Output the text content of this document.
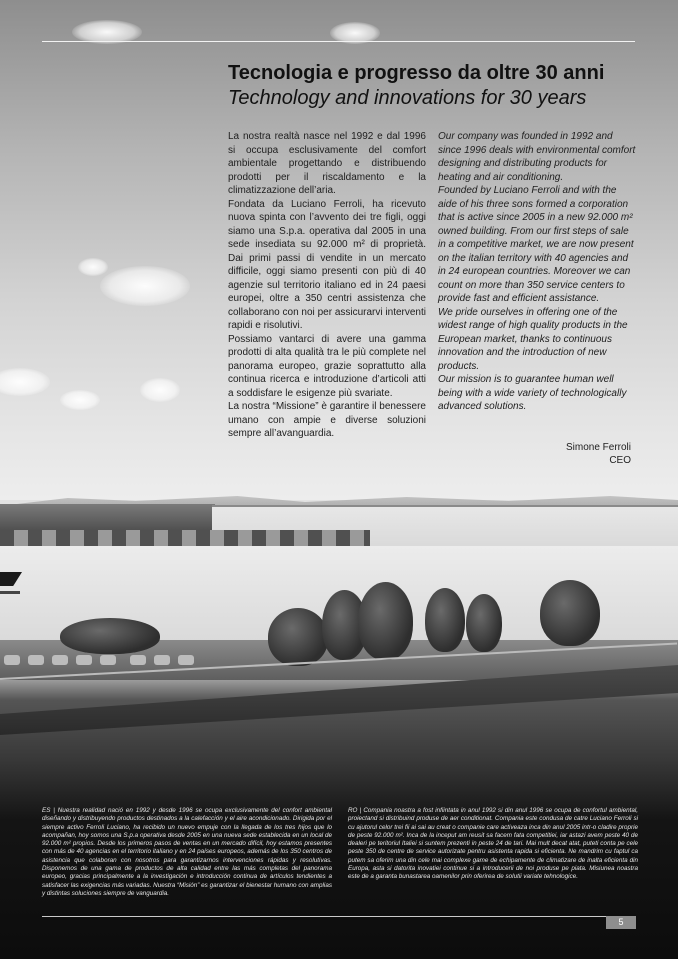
Tecnologia e progresso da oltre 30 anni
Technology and innovations for 30 years

La nostra realtà nasce nel 1992 e dal 1996 si occupa esclusivamente del comfort ambientale progettando e distribuendo prodotti per il riscaldamento e la climatizzazione dell’aria.

Fondata da Luciano Ferroli, ha ricevuto nuova spinta con l’avvento dei tre figli, oggi siamo una S.p.a. operativa dal 2005 in una sede insediata su 92.000 m² di proprietà. Dai primi passi di vendite in un mercato difficile, oggi siamo presenti con più di 40 agenzie sul territorio italiano ed in 24 paesi europei, oltre a 350 centri assistenza che collaborano con noi per assicurarvi interventi rapidi e risolutivi.

Possiamo vantarci di avere una gamma prodotti di alta qualità tra le più complete nel panorama europeo, grazie soprattutto alla continua ricerca e introduzione d’articoli atti a soddisfare le esigenze più svariate.

La nostra “Missione” è garantire il benessere umano con ampie e diverse soluzioni sempre all’avanguardia.

Our company was founded in 1992 and since 1996 deals with environmental comfort designing and distributing products for heating and air conditioning.

Founded by Luciano Ferroli and with the aide of his three sons formed a corporation that is active since 2005 in a new 92.000 m² owned building. From our first steps of sale in a competitive market, we are now present on the italian territory with 40 agencies and in 24 european countries. Moreover we can count on more than 350 service centers to provide fast and efficient assistance.

We pride ourselves in offering one of the widest range of high quality products in the European market, thanks to continuous innovation and the introduction of new products.

Our mission is to guarantee human well being with a wide variety of technologically advanced solutions.

Simone Ferroli
CEO
ES | Nuestra realidad nació en 1992 y desde 1996 se ocupa exclusivamente del confort ambiental diseñando y distribuyendo productos destinados a la calefacción y el aire acondicionado. Dirigida por el siempre activo Ferroli Luciano, ha recibido un nuevo empuje con la llegada de los tres hijos que lo acompañan, hoy somos una S.p.a operativa desde 2005 en una nueva sede establecida en un local de 92.000 m² propios. Desde los primeros pasos de ventas en un mercado difícil, hoy estamos presentes con más de 40 agencias en el territorio italiano y en 24 países europeos, además de los 350 centros de asistencia que colaboran con nosotros para garantizarnos intervenciones rápidas y resolutivas. Disponemos de una gama de productos de alta calidad entre las más completas del panorama europeo, gracias principalmente a la investigación e introducción continua de artículos tendientes a satisfacer las exigencias más variadas. Nuestra “Misión” es garantizar el bienestar humano con amplias y distintas soluciones siempre de vanguardia.
RO | Compania noastra a fost infiintata in anul 1992 si din anul 1996 se ocupa de confortul ambiental, proiectand si distribuind produse de aer conditionat. Compania este condusa de catre Luciano Ferroli si cu ajutorul celor trei fii ai sai au creat o companie care activeaza inca din anul 2005 intr-o cladire proprie de peste 92.000 m². Inca de la inceput am reusit sa facem fata competitiei, iar astazi avem peste 40 de dealeri pe teritoriul Italiei si suntem prezenti in peste 24 de tari. Mai mult decat atat, puteti conta pe cele peste 350 de centre de service autorizate pentru asistenta rapida si eficienta. Ne mandrim cu faptul ca putem sa oferim una din cele mai complexe game de echipamente de climatizare de inalta eficienta din Europa, asta si datorita inovatiei continue si a introducerii de noi produse pe piata. Misiunea noastra este de a garanta bunastarea oamenilor prin oferirea de solutii variate tehnologice.
5
